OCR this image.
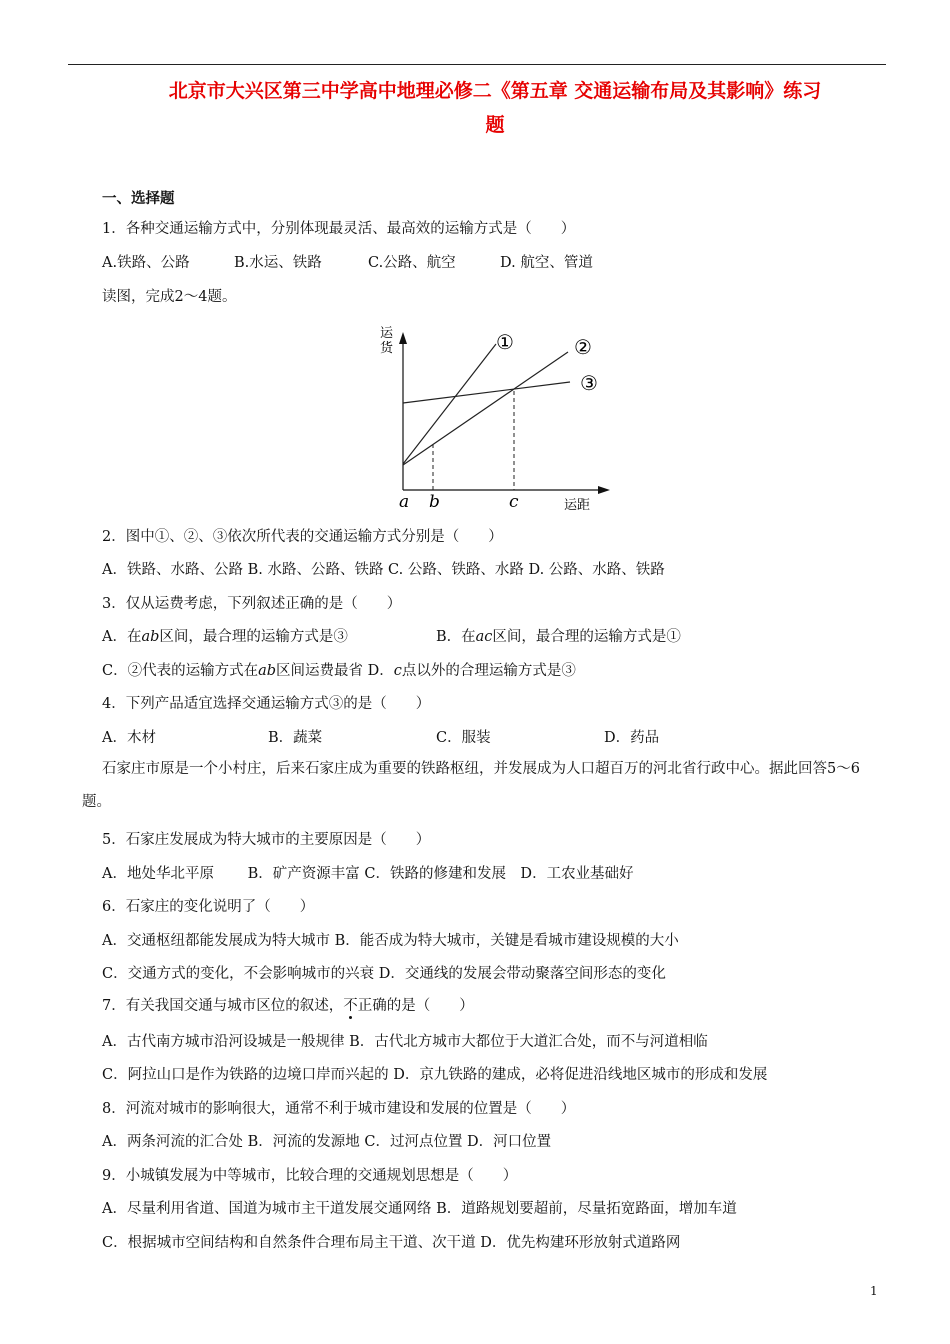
北京市大兴区第三中学高中地理必修二《第五章 交通运输布局及其影响》练习
题
一、选择题
1．各种交通运输方式中，分别体现最灵活、最高效的运输方式是（　　）
A.铁路、公路	B.水运、铁路	C.公路、航空	D. 航空、管道
读图，完成2～4题。
运
货
运距
a b	c
①	②
③
2．图中①、②、③依次所代表的交通运输方式分别是（　　）
A．铁路、水路、公路 B. 水路、公路、铁路 C. 公路、铁路、水路 D. 公路、水路、铁路
3．仅从运费考虑，下列叙述正确的是（　　）
A．在ab区间，最合理的运输方式是③	B．在ac区间，最合理的运输方式是①
C．②代表的运输方式在ab区间运费最省 D．c点以外的合理运输方式是③
4．下列产品适宜选择交通运输方式③的是（　　）
A．木材	B．蔬菜	C．服装	D．药品
石家庄市原是一个小村庄，后来石家庄成为重要的铁路枢纽，并发展成为人口超百万的河北省行政中心。据此回答5～6题。
5．石家庄发展成为特大城市的主要原因是（　　）
A．地处华北平原　　 B．矿产资源丰富 C．铁路的修建和发展　D．工农业基础好
6．石家庄的变化说明了（　　）
A．交通枢纽都能发展成为特大城市 B．能否成为特大城市，关键是看城市建设规模的大小
C．交通方式的变化，不会影响城市的兴衰 D．交通线的发展会带动聚落空间形态的变化
7．有关我国交通与城市区位的叙述，不正确的是（　　）
A．古代南方城市沿河设城是一般规律 B．古代北方城市大都位于大道汇合处，而不与河道相临
C．阿拉山口是作为铁路的边境口岸而兴起的 D．京九铁路的建成，必将促进沿线地区城市的形成和发展
8．河流对城市的影响很大，通常不利于城市建设和发展的位置是（　　）
A．两条河流的汇合处 B．河流的发源地 C．过河点位置 D．河口位置
9．小城镇发展为中等城市，比较合理的交通规划思想是（　　）
A．尽量利用省道、国道为城市主干道发展交通网络 B．道路规划要超前，尽量拓宽路面，增加车道
C．根据城市空间结构和自然条件合理布局主干道、次干道 D．优先构建环形放射式道路网
1
